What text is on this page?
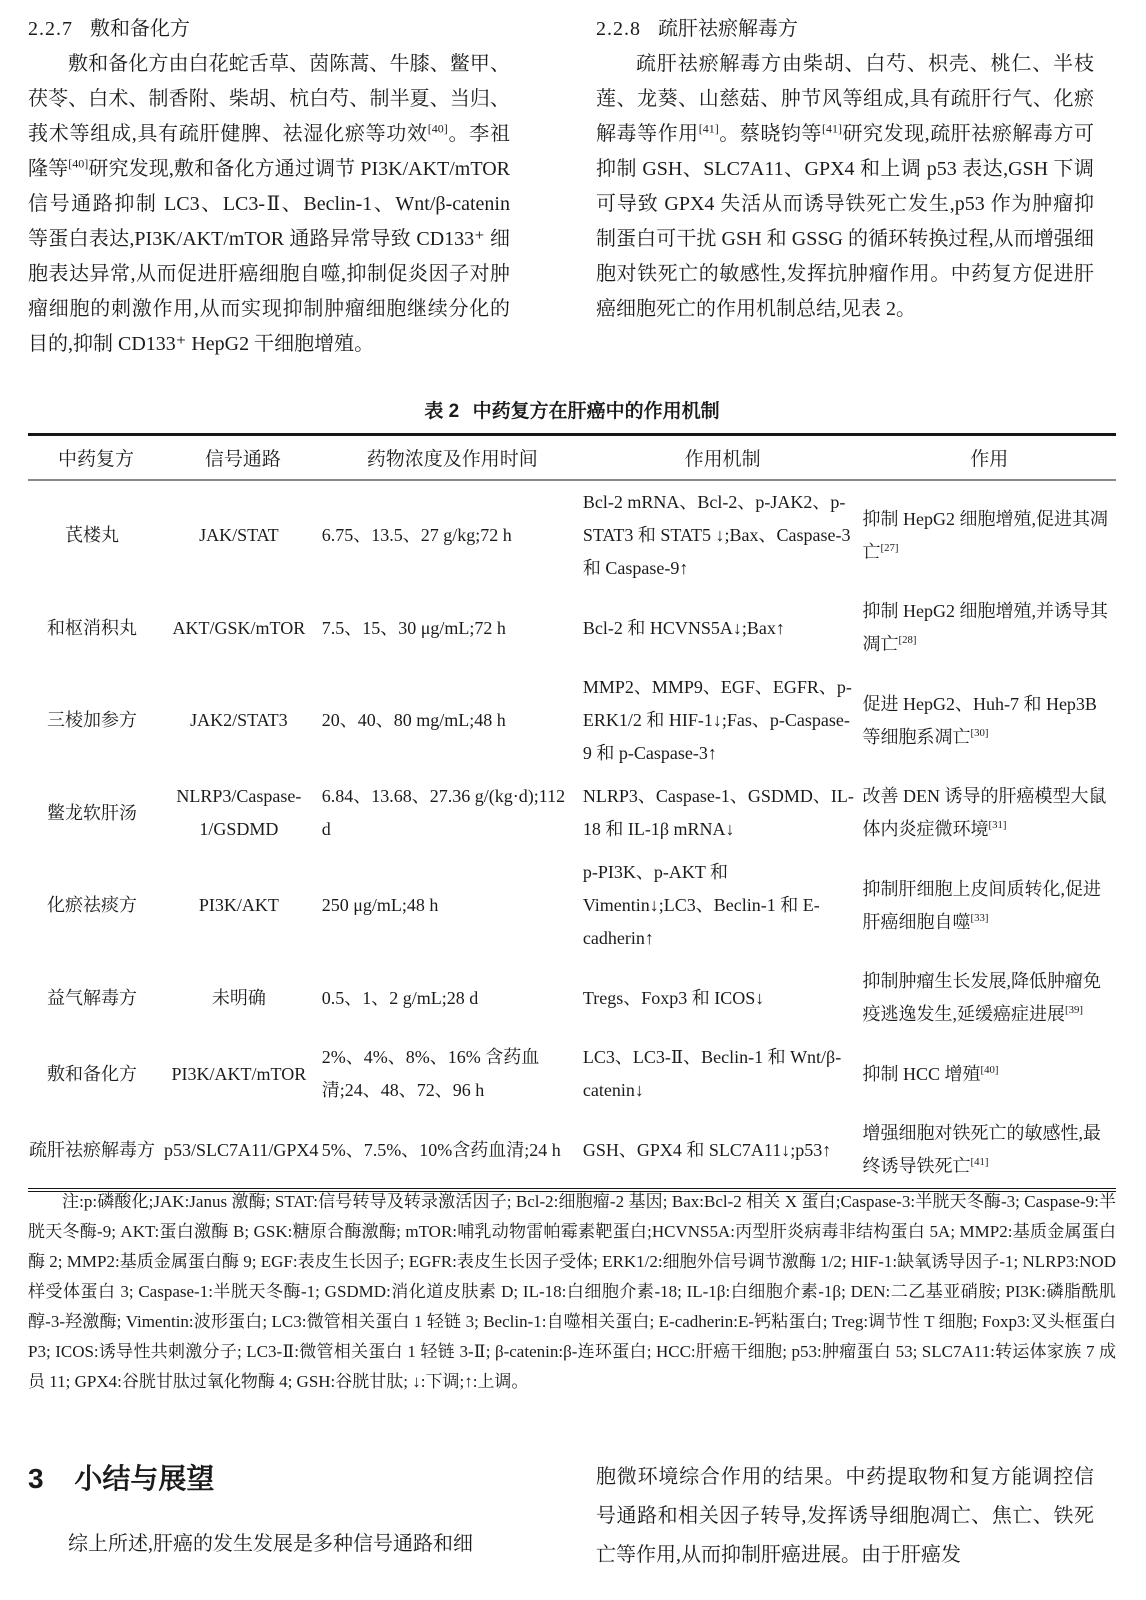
2.2.7 敷和备化方

敷和备化方由白花蛇舌草、茵陈蒿、牛膝、鳖甲、茯苓、白术、制香附、柴胡、杭白芍、制半夏、当归、莪术等组成,具有疏肝健脾、祛湿化瘀等功效[40]。李祖隆等[40]研究发现,敷和备化方通过调节 PI3K/AKT/mTOR 信号通路抑制 LC3、LC3-Ⅱ、Beclin-1、Wnt/β-catenin 等蛋白表达,PI3K/AKT/mTOR 通路异常导致 CD133⁺ 细胞表达异常,从而促进肝癌细胞自噬,抑制促炎因子对肿瘤细胞的刺激作用,从而实现抑制肿瘤细胞继续分化的目的,抑制 CD133⁺ HepG2 干细胞增殖。

2.2.8 疏肝祛瘀解毒方

疏肝祛瘀解毒方由柴胡、白芍、枳壳、桃仁、半枝莲、龙葵、山慈菇、肿节风等组成,具有疏肝行气、化瘀解毒等作用[41]。蔡晓钧等[41]研究发现,疏肝祛瘀解毒方可抑制 GSH、SLC7A11、GPX4 和上调 p53 表达,GSH 下调可导致 GPX4 失活从而诱导铁死亡发生,p53 作为肿瘤抑制蛋白可干扰 GSH 和 GSSG 的循环转换过程,从而增强细胞对铁死亡的敏感性,发挥抗肿瘤作用。中药复方促进肝癌细胞死亡的作用机制总结,见表 2。

表 2 中药复方在肝癌中的作用机制

中药复方	信号通路	药物浓度及作用时间	作用机制	作用
芪楼丸	JAK/STAT	6.75、13.5、27 g/kg;72 h	Bcl-2 mRNA、Bcl-2、p-JAK2、p-STAT3 和 STAT5 ↓;Bax、Caspase-3 和 Caspase-9↑	抑制 HepG2 细胞增殖,促进其凋亡[27]
和枢消积丸	AKT/GSK/mTOR	7.5、15、30 μg/mL;72 h	Bcl-2 和 HCVNS5A↓;Bax↑	抑制 HepG2 细胞增殖,并诱导其凋亡[28]
三棱加参方	JAK2/STAT3	20、40、80 mg/mL;48 h	MMP2、MMP9、EGF、EGFR、p-ERK1/2 和 HIF-1↓;Fas、p-Caspase-9 和 p-Caspase-3↑	促进 HepG2、Huh-7 和 Hep3B 等细胞系凋亡[30]
鳖龙软肝汤	NLRP3/Caspase-1/GSDMD	6.84、13.68、27.36 g/(kg·d);112 d	NLRP3、Caspase-1、GSDMD、IL-18 和 IL-1β mRNA↓	改善 DEN 诱导的肝癌模型大鼠体内炎症微环境[31]
化瘀祛痰方	PI3K/AKT	250 μg/mL;48 h	p-PI3K、p-AKT 和 Vimentin↓;LC3、Beclin-1 和 E-cadherin↑	抑制肝细胞上皮间质转化,促进肝癌细胞自噬[33]
益气解毒方	未明确	0.5、1、2 g/mL;28 d	Tregs、Foxp3 和 ICOS↓	抑制肿瘤生长发展,降低肿瘤免疫逃逸发生,延缓癌症进展[39]
敷和备化方	PI3K/AKT/mTOR	2%、4%、8%、16% 含药血清;24、48、72、96 h	LC3、LC3-Ⅱ、Beclin-1 和 Wnt/β-catenin↓	抑制 HCC 增殖[40]
疏肝祛瘀解毒方	p53/SLC7A11/GPX4	5%、7.5%、10%含药血清;24 h	GSH、GPX4 和 SLC7A11↓;p53↑	增强细胞对铁死亡的敏感性,最终诱导铁死亡[41]

注:p:磷酸化;JAK:Janus 激酶; STAT:信号转导及转录激活因子; Bcl-2:细胞瘤-2 基因; Bax:Bcl-2 相关 X 蛋白;Caspase-3:半胱天冬酶-3; Caspase-9:半胱天冬酶-9; AKT:蛋白激酶 B; GSK:糖原合酶激酶; mTOR:哺乳动物雷帕霉素靶蛋白;HCVNS5A:丙型肝炎病毒非结构蛋白 5A; MMP2:基质金属蛋白酶 2; MMP2:基质金属蛋白酶 9; EGF:表皮生长因子; EGFR:表皮生长因子受体; ERK1/2:细胞外信号调节激酶 1/2; HIF-1:缺氧诱导因子-1; NLRP3:NOD 样受体蛋白 3; Caspase-1:半胱天冬酶-1; GSDMD:消化道皮肤素 D; IL-18:白细胞介素-18; IL-1β:白细胞介素-1β; DEN:二乙基亚硝胺; PI3K:磷脂酰肌醇-3-羟激酶; Vimentin:波形蛋白; LC3:微管相关蛋白 1 轻链 3; Beclin-1:自噬相关蛋白; E-cadherin:E-钙粘蛋白; Treg:调节性 T 细胞; Foxp3:叉头框蛋白 P3; ICOS:诱导性共刺激分子; LC3-Ⅱ:微管相关蛋白 1 轻链 3-Ⅱ; β-catenin:β-连环蛋白; HCC:肝癌干细胞; p53:肿瘤蛋白 53; SLC7A11:转运体家族 7 成员 11; GPX4:谷胱甘肽过氧化物酶 4; GSH:谷胱甘肽; ↓:下调;↑:上调。

3 小结与展望

综上所述,肝癌的发生发展是多种信号通路和细

胞微环境综合作用的结果。中药提取物和复方能调控信号通路和相关因子转导,发挥诱导细胞凋亡、焦亡、铁死亡等作用,从而抑制肝癌进展。由于肝癌发
